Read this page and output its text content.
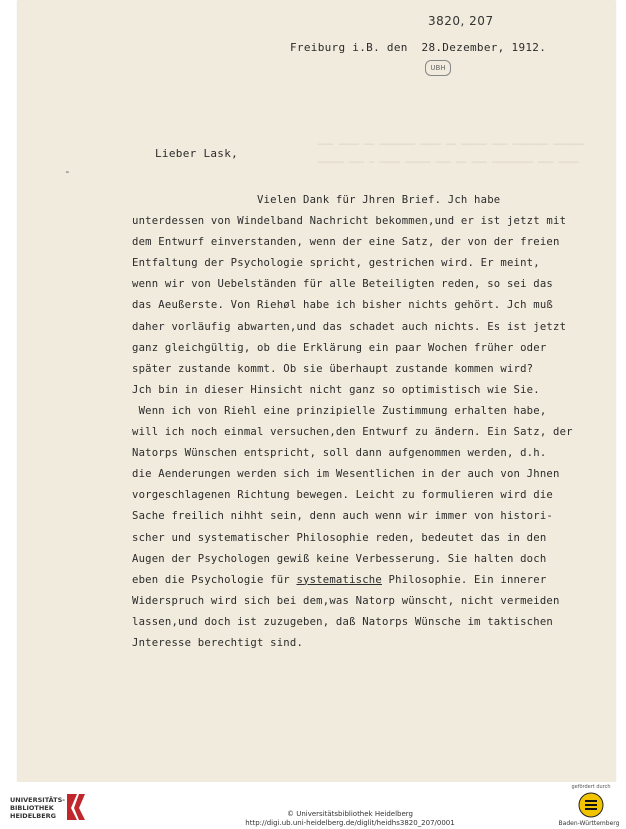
────── ─────── ─── ───── ── ──── ─────── ── ──── ───
──── ─── ──────── ─── ── ─── ───── ──── ─ ─── ─────
3820, 207
UBH
Freiburg i.B. den  28.Dezember, 1912.
Lieber Lask,
-
Vielen Dank für Jhren Brief. Jch habe
unterdessen von Windelband Nachricht bekommen,und er ist jetzt mit
dem Entwurf einverstanden, wenn der eine Satz, der von der freien
Entfaltung der Psychologie spricht, gestrichen wird. Er meint,
wenn wir von Uebelständen für alle Beteiligten reden, so sei das
das Aeußerste. Von Riehøl habe ich bisher nichts gehört. Jch muß
daher vorläufig abwarten,und das schadet auch nichts. Es ist jetzt
ganz gleichgültig, ob die Erklärung ein paar Wochen früher oder
später zustande kommt. Ob sie überhaupt zustande kommen wird?
Jch bin in dieser Hinsicht nicht ganz so optimistisch wie Sie.
Wenn ich von Riehl eine prinzipielle Zustimmung erhalten habe,
will ich noch einmal versuchen,den Entwurf zu ändern. Ein Satz, der
Natorps Wünschen entspricht, soll dann aufgenommen werden, d.h.
die Aenderungen werden sich im Wesentlichen in der auch von Jhnen
vorgeschlagenen Richtung bewegen. Leicht zu formulieren wird die
Sache freilich nihht sein, denn auch wenn wir immer von histori-
scher und systematischer Philosophie reden, bedeutet das in den
Augen der Psychologen gewiß keine Verbesserung. Sie halten doch
eben die Psychologie für systematische Philosophie. Ein innerer
Widerspruch wird sich bei dem,was Natorp wünscht, nicht vermeiden
lassen,und doch ist zuzugeben, daß Natorps Wünsche im taktischen
Jnteresse berechtigt sind.
UNIVERSITÄTS-
BIBLIOTHEK
HEIDELBERG	© Universitätsbibliothek Heidelberg
http://digi.ub.uni-heidelberg.de/diglit/heidhs3820_207/0001
gefördert durch
Baden-Württemberg
